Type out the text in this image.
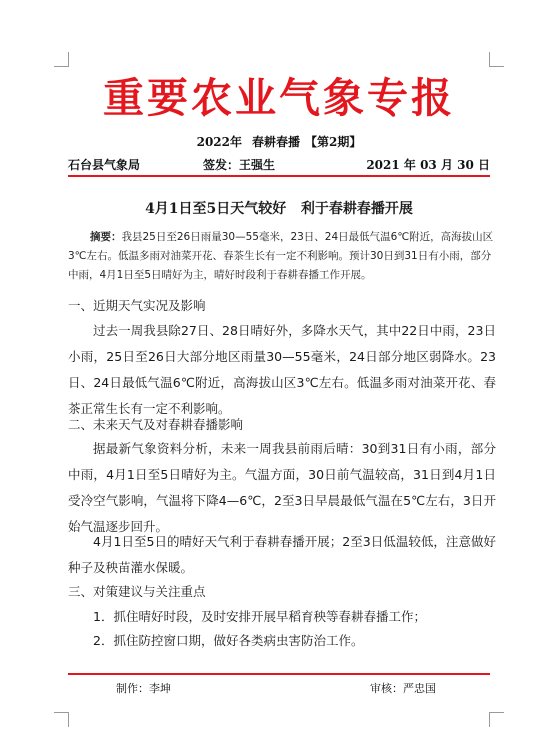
重要农业气象专报
2022年 春耕春播 【第2期】
石台县气象局	签发：王强生	2021 年 03 月 30 日
4月1日至5日天气较好   利于春耕春播开展
摘要：我县25日至26日雨量30—55毫米，23日、24日最低气温6℃附近，高海拔山区3℃左右。低温多雨对油菜开花、春茶生长有一定不利影响。预计30日到31日有小雨，部分中雨，4月1日至5日晴好为主，晴好时段利于春耕春播工作开展。
一、近期天气实况及影响
过去一周我县除27日、28日晴好外，多降水天气，其中22日中雨，23日小雨，25日至26日大部分地区雨量30—55毫米，24日部分地区弱降水。23日、24日最低气温6℃附近，高海拔山区3℃左右。低温多雨对油菜开花、春茶正常生长有一定不利影响。
二、未来天气及对春耕春播影响
据最新气象资料分析，未来一周我县前雨后晴：30到31日有小雨，部分中雨，4月1日至5日晴好为主。气温方面，30日前气温较高，31日到4月1日受冷空气影响，气温将下降4—6℃，2至3日早晨最低气温在5℃左右，3日开始气温逐步回升。
4月1日至5日的晴好天气利于春耕春播开展；2至3日低温较低，注意做好种子及秧苗灌水保暖。
三、对策建议与关注重点
1．抓住晴好时段，及时安排开展早稻育秧等春耕春播工作；
2．抓住防控窗口期，做好各类病虫害防治工作。
制作：李坤	审核：严忠国
